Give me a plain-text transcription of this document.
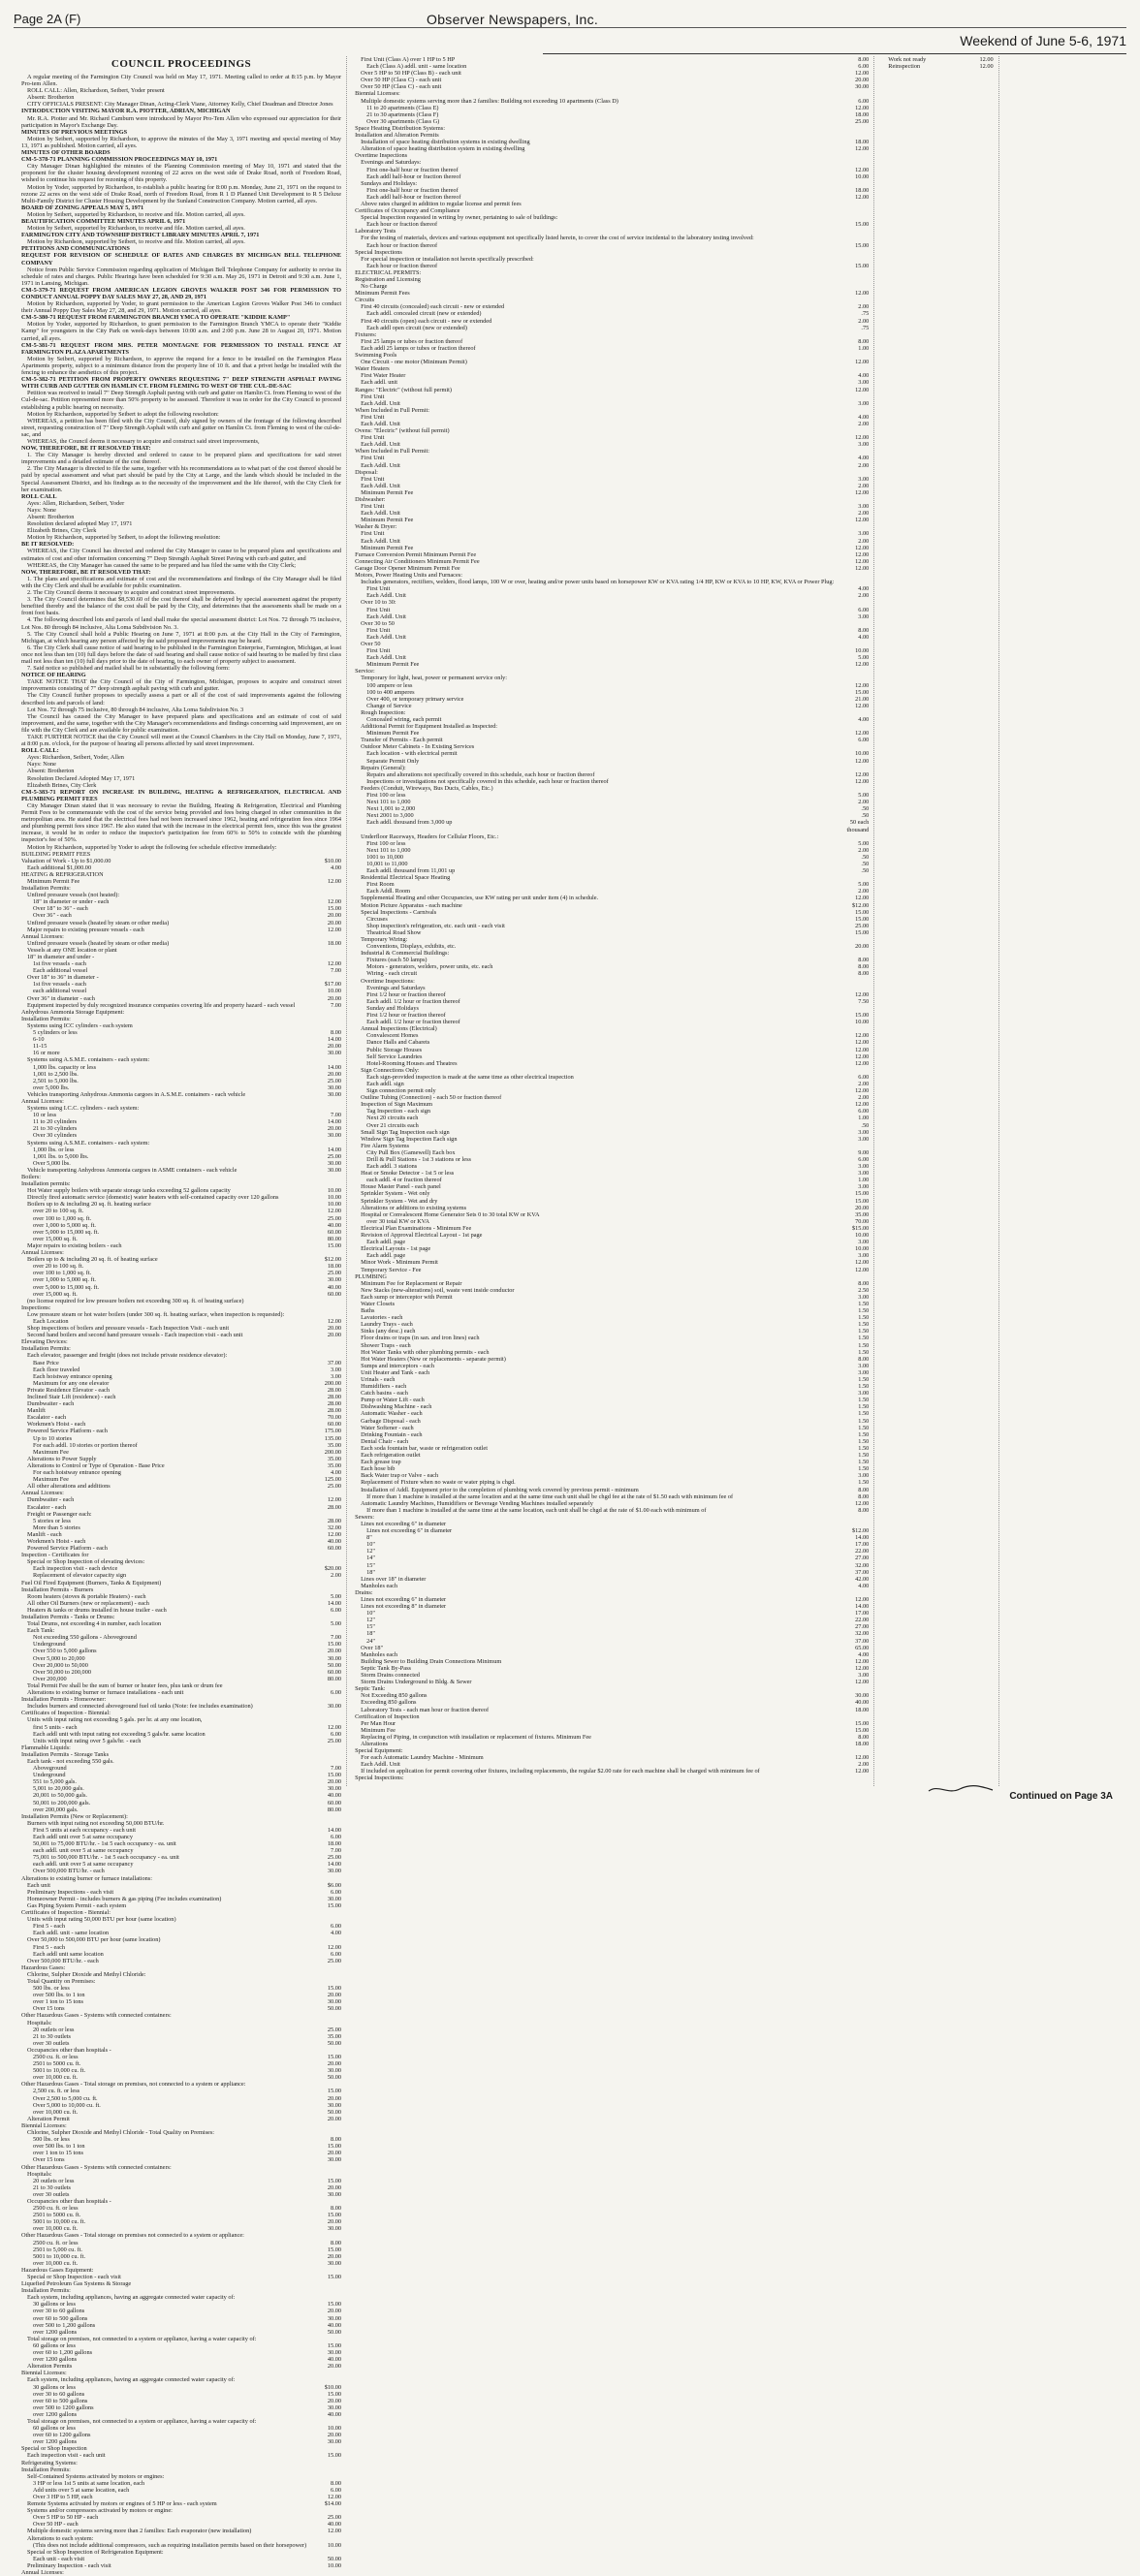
Page 2A (F)	Observer Newspapers, Inc.
Weekend of June 5-6, 1971
COUNCIL PROCEEDINGS

A regular meeting of the Farmington City Council was held on May 17, 1971. Meeting called to order at 8:15 p.m. by Mayor Pro-tem Allen.

ROLL CALL: Allen, Richardson, Seibert, Yoder present

Absent: Brotherton

CITY OFFICIALS PRESENT: City Manager Dinan, Acting-Clerk Viane, Attorney Kelly, Chief Deadman and Director Jones

INTRODUCTION VISITING MAYOR R.A. PIOTTER, ADRIAN, MICHIGAN

Mr. R.A. Piotter and Mr. Richard Camburn were introduced by Mayor Pro-Tem Allen who expressed our appreciation for their participation in Mayor's Exchange Day.

MINUTES OF PREVIOUS MEETINGS

Motion by Seibert, supported by Richardson, to approve the minutes of the May 3, 1971 meeting and special meeting of May 13, 1971 as published. Motion carried, all ayes.

MINUTES OF OTHER BOARDS

CM-5-378-71 PLANNING COMMISSION PROCEEDINGS MAY 10, 1971

City Manager Dinan highlighted the minutes of the Planning Commission meeting of May 10, 1971 and stated that the proponent for the cluster housing development rezoning of 22 acres on the west side of Drake Road, north of Freedom Road, wished to continue his request for rezoning of this property.

Motion by Yoder, supported by Richardson, to establish a public hearing for 8:00 p.m. Monday, June 21, 1971 on the request to rezone 22 acres on the west side of Drake Road, north of Freedom Road, from R 1 D Planned Unit Development to R 5 Deluxe Multi-Family District for Cluster Housing Development by the Sunland Construction Company. Motion carried, all ayes.

BOARD OF ZONING APPEALS MAY 5, 1971

Motion by Seibert, supported by Richardson, to receive and file. Motion carried, all ayes.

BEAUTIFICATION COMMITTEE MINUTES APRIL 6, 1971

Motion by Seibert, supported by Richardson, to receive and file. Motion carried, all ayes.

FARMINGTON CITY AND TOWNSHIP DISTRICT LIBRARY MINUTES APRIL 7, 1971

Motion by Richardson, supported by Seibert, to receive and file. Motion carried, all ayes.

PETITIONS AND COMMUNICATIONS

REQUEST FOR REVISION OF SCHEDULE OF RATES AND CHARGES BY MICHIGAN BELL TELEPHONE COMPANY

Notice from Public Service Commission regarding application of Michigan Bell Telephone Company for authority to revise its schedule of rates and charges. Public Hearings have been scheduled for 9:30 a.m. May 26, 1971 in Detroit and 9:30 a.m. June 1, 1971 in Lansing, Michigan.

CM-5-379-71 REQUEST FROM AMERICAN LEGION GROVES WALKER POST 346 FOR PERMISSION TO CONDUCT ANNUAL POPPY DAY SALES MAY 27, 28, AND 29, 1971

Motion by Richardson, supported by Yoder, to grant permission to the American Legion Groves Walker Post 346 to conduct their Annual Poppy Day Sales May 27, 28, and 29, 1971. Motion carried, all ayes.

CM-5-380-71 REQUEST FROM FARMINGTON BRANCH YMCA TO OPERATE "KIDDIE KAMP"

Motion by Yoder, supported by Richardson, to grant permission to the Farmington Branch YMCA to operate their "Kiddie Kamp" for youngsters in the City Park on week-days between 10:00 a.m. and 2:00 p.m. June 28 to August 20, 1971. Motion carried, all ayes.

CM-5-381-71 REQUEST FROM MRS. PETER MONTAGNE FOR PERMISSION TO INSTALL FENCE AT FARMINGTON PLAZA APARTMENTS

Motion by Seibert, supported by Richardson, to approve the request for a fence to be installed on the Farmington Plaza Apartments property, subject to a minimum distance from the property line of 10 ft. and that a privet hedge be installed with the fencing to enhance the aesthetics of this project.

CM-5-382-71 PETITION FROM PROPERTY OWNERS REQUESTING 7" DEEP STRENGTH ASPHALT PAVING WITH CURB AND GUTTER ON HAMLIN CT. FROM FLEMING TO WEST OF THE CUL-DE-SAC

Petition was received to install 7" Deep Strength Asphalt paving with curb and gutter on Hamlin Ct. from Fleming to west of the Cul-de-sac. Petition represented more than 50% property to be assessed. Therefore it was in order for the City Council to proceed establishing a public hearing on necessity.

Motion by Richardson, supported by Seibert to adopt the following resolution:

WHEREAS, a petition has been filed with the City Council, duly signed by owners of the frontage of the following described street, requesting construction of 7" Deep Strength Asphalt with curb and gutter on Hamlin Ct. from Fleming to west of the cul-de-sac, and

WHEREAS, the Council deems it necessary to acquire and construct said street improvements,

NOW, THEREFORE, BE IT RESOLVED THAT:

1. The City Manager is hereby directed and ordered to cause to be prepared plans and specifications for said street improvements and a detailed estimate of the cost thereof.

2. The City Manager is directed to file the same, together with his recommendations as to what part of the cost thereof should be paid by special assessment and what part should be paid by the City at Large, and the lands which should be included in the Special Assessment District, and his findings as to the necessity of the improvement and the life thereof, with the City Clerk for her examination.

ROLL CALL

Ayes: Allen, Richardson, Seibert, Yoder

Nays: None

Absent: Brotherton

Resolution declared adopted May 17, 1971

Elizabeth Brines, City Clerk

Motion by Richardson, supported by Seibert, to adopt the following resolution:

BE IT RESOLVED:

WHEREAS, the City Council has directed and ordered the City Manager to cause to be prepared plans and specifications and estimates of cost and other information concerning 7" Deep Strength Asphalt Street Paving with curb and gutter, and

WHEREAS, the City Manager has caused the same to be prepared and has filed the same with the City Clerk;

NOW, THEREFORE, BE IT RESOLVED THAT:

1. The plans and specifications and estimate of cost and the recommendations and findings of the City Manager shall be filed with the City Clerk and shall be available for public examination.

2. The City Council deems it necessary to acquire and construct street improvements.

3. The City Council determines that $8,530.60 of the cost thereof shall be defrayed by special assessment against the property benefited thereby and the balance of the cost shall be paid by the City, and determines that the assessments shall be made on a front foot basis.

4. The following described lots and parcels of land shall make the special assessment district: Lot Nos. 72 through 75 inclusive, Lot Nos. 80 through 84 inclusive, Alta Loma Subdivision No. 3.

5. The City Council shall hold a Public Hearing on June 7, 1971 at 8:00 p.m. at the City Hall in the City of Farmington, Michigan, at which hearing any person affected by the said proposed improvements may be heard.

6. The City Clerk shall cause notice of said hearing to be published in the Farmington Enterprise, Farmington, Michigan, at least once not less than ten (10) full days before the date of said hearing and shall cause notice of said hearing to be mailed by first class mail not less than ten (10) full days prior to the date of hearing, to each owner of property subject to assessment.

7. Said notice so published and mailed shall be in substantially the following form:

NOTICE OF HEARING

TAKE NOTICE THAT the City Council of the City of Farmington, Michigan, proposes to acquire and construct street improvements consisting of 7" deep strength asphalt paving with curb and gutter.

The City Council further proposes to specially assess a part or all of the cost of said improvements against the following described lots and parcels of land:

Lot Nos. 72 through 75 inclusive, 80 through 84 inclusive, Alta Loma Subdivision No. 3

The Council has caused the City Manager to have prepared plans and specifications and an estimate of cost of said improvement, and the same, together with the City Manager's recommendations and findings concerning said improvement, are on file with the City Clerk and are available for public examination.

TAKE FURTHER NOTICE that the City Council will meet at the Council Chambers in the City Hall on Monday, June 7, 1971, at 8:00 p.m. o'clock, for the purpose of hearing all persons affected by said street improvement.

ROLL CALL:

Ayes: Richardson, Seibert, Yoder, Allen

Nays: None

Absent: Brotherton

Resolution Declared Adopted May 17, 1971

Elizabeth Brines, City Clerk

CM-5-383-71 REPORT ON INCREASE IN BUILDING, HEATING & REFRIGERATION, ELECTRICAL AND PLUMBING PERMIT FEES

City Manager Dinan stated that it was necessary to revise the Building, Heating & Refrigeration, Electrical and Plumbing Permit Fees to be commensurate with the cost of the service being provided and fees being charged in other communities in the metropolitan area. He stated that the electrical fees had not been increased since 1962, heating and refrigeration fees since 1964 and plumbing permit fees since 1967. He also stated that with the increase in the electrical permit fees, since this was the greatest increase, it would be in order to reduce the inspector's participation fee from 60% to 50% to coincide with the plumbing inspector's fee of 50%.

Motion by Richardson, supported by Yoder to adopt the following fee schedule effective immediately:

BUILDING PERMIT FEES
Valuation of Work - Up to $1,000.00	$10.00
Each additional $1,000.00	4.00
HEATING & REFRIGERATION
Minimum Permit Fee	12.00
Installation Permits:
Unfired pressure vessels (not heated):
18" in diameter or under - each	12.00
Over 18" to 36" - each	15.00
Over 36" - each	20.00
Unfired pressure vessels (heated by steam or other media)	20.00
Major repairs to existing pressure vessels - each	12.00
Annual Licenses:
Unfired pressure vessels (heated by steam or other media)	18.00
Vessels at any ONE location or plant
18" in diameter and under -
1st five vessels - each	12.00
Each additional vessel	7.00
Over 18" to 36" in diameter -
1st five vessels - each	$17.00
each additional vessel	10.00
Over 36" in diameter - each	20.00
Equipment inspected by duly recognized insurance companies covering life and property hazard - each vessel	7.00
Anhydrous Ammonia Storage Equipment:
Installation Permits:
Systems using ICC cylinders - each system
5 cylinders or less	8.00
6-10	14.00
11-15	20.00
16 or more	30.00
Systems using A.S.M.E. containers - each system:
1,000 lbs. capacity or less	14.00
1,001 to 2,500 lbs.	20.00
2,501 to 5,000 lbs.	25.00
over 5,000 lbs.	30.00
Vehicles transporting Anhydrous Ammonia cargoes in A.S.M.E. containers - each vehicle	30.00
Annual Licenses:
Systems using I.C.C. cylinders - each system:
10 or less	7.00
11 to 20 cylinders	14.00
21 to 30 cylinders	20.00
Over 30 cylinders	30.00
Systems using A.S.M.E. containers - each system:
1,000 lbs. or less	14.00
1,001 lbs. to 5,000 lbs.	25.00
Over 5,000 lbs.	30.00
Vehicle transporting Anhydrous Ammonia cargoes in ASME containers - each vehicle	30.00
Boilers:
Installation permits:
Hot Water supply boilers with separate storage tanks exceeding 52 gallons capacity	10.00
Directly fired automatic service (domestic) water heaters with self-contained capacity over 120 gallons	10.00
Boilers up to & including 20 sq. ft. heating surface	10.00
over 20 to 100 sq. ft.	12.00
over 100 to 1,000 sq. ft.	25.00
over 1,000 to 5,000 sq. ft.	40.00
over 5,000 to 15,000 sq. ft.	60.00
over 15,000 sq. ft.	80.00
Major repairs to existing boilers - each	15.00
Annual Licenses:
Boilers up to & including 20 sq. ft. of heating surface	$12.00
over 20 to 100 sq. ft.	18.00
over 100 to 1,000 sq. ft.	25.00
over 1,000 to 5,000 sq. ft.	30.00
over 5,000 to 15,000 sq. ft.	40.00
over 15,000 sq. ft.	60.00
(no license required for low pressure boilers not exceeding 300 sq. ft. of heating surface)
Inspections:
Low pressure steam or hot water boilers (under 300 sq. ft. heating surface, when inspection is requested):
Each Location	12.00
Shop inspections of boilers and pressure vessels - Each Inspection Visit - each unit	20.00
Second hand boilers and second hand pressure vessels - Each inspection visit - each unit	20.00
Elevating Devices:
Installation Permits:
Each elevator, passenger and freight (does not include private residence elevator):
Base Price	37.00
Each floor traveled	3.00
Each hoistway entrance opening	3.00
Maximum for any one elevator	200.00
Private Residence Elevator - each	28.00
Inclined Stair Lift (residence) - each	28.00
Dumbwaiter - each	28.00
Manlift	28.00
Escalator - each	70.00
Workmen's Hoist - each	60.00
Powered Service Platform - each	175.00
Up to 10 stories	135.00
For each addl. 10 stories or portion thereof	35.00
Maximum Fee	200.00
Alterations to Power Supply	35.00
Alterations to Control or Type of Operation - Base Price	35.00
For each hoistway entrance opening	4.00
Maximum Fee	125.00
All other alterations and additions	25.00
Annual Licenses:
Dumbwaiter - each	12.00
Escalator - each	28.00
Freight or Passenger each:
5 stories or less	28.00
More than 5 stories	32.00
Manlift - each	12.00
Workmen's Hoist - each	40.00
Powered Service Platform - each	60.00
Inspection - Certificates for
Special or Shop Inspection of elevating devices:
Each inspection visit - each device	$20.00
Replacement of elevator capacity sign	2.00
Fuel Oil Fired Equipment (Burners, Tanks & Equipment)
Installation Permits - Burners
Room heaters (stoves & portable Heaters) - each	5.00
All other Oil Burners (new or replacement) - each	14.00
Heaters & tanks or drums installed in house trailer - each	6.00
Installation Permits - Tanks or Drums:
Total Drums, not exceeding 4 in number, each location	5.00
Each Tank:
Not exceeding 550 gallons - Aboveground	7.00
Underground	15.00
Over 550 to 5,000 gallons	20.00
Over 5,000 to 20,000	30.00
Over 20,000 to 50,000	50.00
Over 50,000 to 200,000	60.00
Over 200,000	80.00
Total Permit Fee shall be the sum of burner or heater fees, plus tank or drum fee
Alterations to existing burner or furnace installations - each unit	6.00
Installation Permits - Homeowner:
Includes burners and connected aboveground fuel oil tanks (Note: fee includes examination)	30.00
Certificates of Inspection - Biennial:
Units with input rating not exceeding 5 gals. per hr. at any one location,
first 5 units - each	12.00
Each addl unit with input rating not exceeding 5 gals/hr. same location	6.00
Units with input rating over 5 gals/hr. - each	25.00
Flammable Liquids:
Installation Permits - Storage Tanks
Each tank - not exceeding 550 gals.
Aboveground	7.00
Underground	15.00
551 to 5,000 gals.	20.00
5,001 to 20,000 gals.	30.00
20,001 to 50,000 gals.	40.00
50,001 to 200,000 gals.	60.00
over 200,000 gals.	80.00
Installation Permits (New or Replacement):
Burners with input rating not exceeding 50,000 BTU/hr.
First 5 units at each occupancy - each unit	14.00
Each addl unit over 5 at same occupancy	6.00
50,001 to 75,000 BTU/hr. - 1st 5 each occupancy - ea. unit	18.00
each addl. unit over 5 at same occupancy	7.00
75,001 to 500,000 BTU/hr. - 1st 5 each occupancy - ea. unit	25.00
each addl. unit over 5 at same occupancy	14.00
Over 500,000 BTU/hr. - each	30.00
Alterations to existing burner or furnace installations:
Each unit	$6.00
Preliminary Inspections - each visit	6.00
Homeowner Permit - includes burners & gas piping (Fee includes examination)	30.00
Gas Piping System Permit - each system	15.00
Certificates of Inspection - Biennial:
Units with input rating 50,000 BTU per hour (same location)
First 5 - each	6.00
Each addl. unit - same location	4.00
Over 50,000 to 500,000 BTU per hour (same location)
First 5 - each	12.00
Each addl unit same location	6.00
Over 500,000 BTU/hr. - each	25.00
Hazardous Gases:
Chlorine, Sulpher Dioxide and Methyl Chloride:
Total Quantity on Premises:
500 lbs. or less	15.00
over 500 lbs. to 1 ton	20.00
over 1 ton to 15 tons	30.00
Over 15 tons	50.00
Other Hazardous Gases - Systems with connected containers:
Hospitals:
20 outlets or less	25.00
21 to 30 outlets	35.00
over 30 outlets	50.00
Occupancies other than hospitals -
2500 cu. ft. or less	15.00
2501 to 5000 cu. ft.	20.00
5001 to 10,000 cu. ft.	30.00
over 10,000 cu. ft.	50.00
Other Hazardous Gases - Total storage on premises, not connected to a system or appliance:
2,500 cu. ft. or less	15.00
Over 2,500 to 5,000 cu. ft.	20.00
Over 5,000 to 10,000 cu. ft.	30.00
over 10,000 cu. ft.	50.00
Alteration Permit	20.00
Biennial Licenses:
Chlorine, Sulpher Dioxide and Methyl Chloride - Total Quality on Premises:
500 lbs. or less	8.00
over 500 lbs. to 1 ton	15.00
over 1 ton to 15 tons	20.00
Over 15 tons	30.00
Other Hazardous Gases - Systems with connected containers:
Hospitals:
20 outlets or less	15.00
21 to 30 outlets	20.00
over 30 outlets	30.00
Occupancies other than hospitals -
2500 cu. ft. or less	8.00
2501 to 5000 cu. ft.	15.00
5001 to 10,000 cu. ft.	20.00
over 10,000 cu. ft.	30.00
Other Hazardous Gases - Total storage on premises not connected to a system or appliance:
2500 cu. ft. or less	8.00
2501 to 5,000 cu. ft.	15.00
5001 to 10,000 cu. ft.	20.00
over 10,000 cu. ft.	30.00
Hazardous Gases Equipment:
Special or Shop Inspection - each visit	15.00
Liquefied Petroleum Gas Systems & Storage
Installation Permits:
Each system, including appliances, having an aggregate connected water capacity of:
30 gallons or less	15.00
over 30 to 60 gallons	20.00
over 60 to 500 gallons	30.00
over 500 to 1,200 gallons	40.00
over 1200 gallons	50.00
Total storage on premises, not connected to a system or appliance, having a water capacity of:
60 gallons or less	15.00
over 60 to 1,200 gallons	30.00
over 1200 gallons	40.00
Alteration Permits	20.00
Biennial Licenses:
Each system, including appliances, having an aggregate connected water capacity of:
30 gallons or less	$10.00
over 30 to 60 gallons	15.00
over 60 to 500 gallons	20.00
over 500 to 1200 gallons	30.00
over 1200 gallons	40.00
Total storage on premises, not connected to a system or appliance, having a water capacity of:
60 gallons or less	10.00
over 60 to 1200 gallons	20.00
over 1200 gallons	30.00
Special or Shop Inspection
Each inspection visit - each unit	15.00
Refrigerating Systems:
Installation Permits:
Self-Contained Systems activated by motors or engines:
3 HP or less 1st 5 units at same location, each	8.00
Add units over 5 at same location, each	6.00
Over 3 HP to 5 HP, each	12.00
Remote Systems activated by motors or engines of 5 HP or less - each system	$14.00
Systems and/or compressors activated by motors or engine:
Over 5 HP to 50 HP - each	25.00
Over 50 HP - each	40.00
Multiple domestic systems serving more than 2 families: Each evaporator (new installation)	12.00
Alterations to each system:
(This does not include additional compressors, such as requiring installation permits based on their horsepower)	10.00
Special or Shop Inspection of Refrigeration Equipment:
Each unit - each visit	50.00
Preliminary Inspection - each visit	10.00
Annual Licenses:
First Unit (Class A) over 1 HP to 5 HP	8.00
Each (Class A) addl. unit - same location	6.00
Over 5 HP to 50 HP (Class B) - each unit	12.00
Over 50 HP (Class C) - each unit	20.00
Over 50 HP (Class C) - each unit	30.00
Biennial Licenses:
Multiple domestic systems serving more than 2 families: Building not exceeding 10 apartments (Class D)	6.00
11 to 20 apartments (Class E)	12.00
21 to 30 apartments (Class F)	18.00
Over 30 apartments (Class G)	25.00
Space Heating Distribution Systems:
Installation and Alteration Permits
Installation of space heating distribution systems in existing dwelling	18.00
Alteration of space heating distribution system in existing dwelling	12.00
Overtime Inspections
Evenings and Saturdays:
First one-half hour or fraction thereof	12.00
Each addl half-hour or fraction thereof	10.00
Sundays and Holidays:
First one-half hour or fraction thereof	18.00
Each addl half-hour or fraction thereof	12.00
Above rates charged in addition to regular license and permit fees
Certificates of Occupancy and Compliance
Special Inspection requested in writing by owner, pertaining to sale of buildings:
Each hour or fraction thereof	15.00
Laboratory Tests
For the testing of materials, devices and various equipment not specifically listed herein, to cover the cost of service incidental to the laboratory testing involved:
Each hour or fraction thereof	15.00
Special Inspections
For special inspection or installation not herein specifically prescribed:
Each hour or fraction thereof	15.00
ELECTRICAL PERMITS:
Registration and Licensing
No Charge
Minimum Permit Fees	12.00
Circuits
First 40 circuits (concealed) each circuit - new or extended	2.00
Each addl. concealed circuit (new or extended)	.75
First 40 circuits (open) each circuit - new or extended	2.00
Each addl open circuit (new or extended)	.75
Fixtures:
First 25 lamps or tubes or fraction thereof	8.00
Each addl 25 lamps or tubes or fraction thereof	1.00
Swimming Pools
One Circuit - one motor (Minimum Permit)	12.00
Water Heaters
First Water Heater	4.00
Each addl. unit	3.00
Ranges: "Electric" (without full permit)	12.00
First Unit
Each Addl. Unit	3.00
When Included in Full Permit:
First Unit	4.00
Each Addl. Unit	2.00
Ovens: "Electric" (without full permit)
First Unit	12.00
Each Addl. Unit	3.00
When Included in Full Permit:
First Unit	4.00
Each Addl. Unit	2.00
Disposal:
First Unit	3.00
Each Addl. Unit	2.00
Minimum Permit Fee	12.00
Dishwasher:
First Unit	3.00
Each Addl. Unit	2.00
Minimum Permit Fee	12.00
Washer & Dryer:
First Unit	3.00
Each Addl. Unit	2.00
Minimum Permit Fee	12.00
Furnace Conversion Permit Minimum Permit Fee	12.00
Connecting Air Conditioners Minimum Permit Fee	12.00
Garage Door Opener Minimum Permit Fee	12.00
Motors, Power Heating Units and Furnaces:
Includes generators, rectifiers, welders, flood lamps, 100 W or over, heating and/or power units based on horsepower KW or KVA rating 1/4 HP, KW or KVA to 10 HP, KW, KVA or Power Plug:
First Unit	4.00
Each Addl. Unit	2.00
Over 10 to 30:
First Unit	6.00
Each Addl. Unit	3.00
Over 30 to 50
First Unit	8.00
Each Addl. Unit	4.00
Over 50
First Unit	10.00
Each Addl. Unit	5.00
Minimum Permit Fee	12.00
Service:
Temporary for light, heat, power or permanent service only:
100 ampere or less	12.00
100 to 400 amperes	15.00
Over 400, or temporary primary service	21.00
Change of Service	12.00
Rough Inspection:
Concealed wiring, each permit	4.00
Additional Permit for Equipment Installed as Inspected:
Minimum Permit Fee	12.00
Transfer of Permits - Each permit	6.00
Outdoor Meter Cabinets - In Existing Services
Each location - with electrical permit	10.00
Separate Permit Only	12.00
Repairs (General):
Repairs and alterations not specifically covered in this schedule, each hour or fraction thereof	12.00
Inspections or investigations not specifically covered in this schedule, each hour or fraction thereof	12.00
Feeders (Conduit, Wireways, Bus Ducts, Cables, Etc.)
First 100 or less	5.00
Next 101 to 1,000	2.00
Next 1,001 to 2,000	.50
Next 2001 to 3,000	.50
Each addl. thousand from 3,000 up	50 each thousand
Underfloor Raceways, Headers for Cellular Floors, Etc.:
First 100 or less	5.00
Next 101 to 1,000	2.00
1001 to 10,000	.50
10,001 to 11,000	.50
Each addl. thousand from 11,001 up	.50
Residential Electrical Space Heating
First Room	5.00
Each Addl. Room	2.00
Supplemental Heating and other Occupancies, use KW rating per unit under item (4) in schedule.	12.00
Motion Picture Apparatus - each machine	$12.00
Special Inspections - Carnivals	15.00
Circuses	15.00
Shop inspection's refrigeration, etc. each unit - each visit	25.00
Theatrical Road Show	15.00
Temporary Wiring:
Conventions, Displays, exhibits, etc.	20.00
Industrial & Commercial Buildings:
Fixtures (each 50 lamps)	8.00
Motors - generators, welders, power units, etc. each	8.00
Wiring - each circuit	8.00
Overtime Inspections:
Evenings and Saturdays
First 1/2 hour or fraction thereof	12.00
Each addl. 1/2 hour or fraction thereof	7.50
Sunday and Holidays
First 1/2 hour or fraction thereof	15.00
Each addl. 1/2 hour or fraction thereof	10.00
Annual Inspections (Electrical)
Convalescent Homes	12.00
Dance Halls and Cabarets	12.00
Public Storage Houses	12.00
Self Service Laundries	12.00
Hotel-Rooming Houses and Theatres	12.00
Sign Connections Only:
Each sign-provided inspection is made at the same time as other electrical inspection	6.00
Each addl. sign	2.00
Sign connection permit only	12.00
Outline Tubing (Connection) - each 50 or fraction thereof	2.00
Inspection of Sign Maximum	12.00
Tag Inspection - each sign	6.00
Next 20 circuits each	1.00
Over 21 circuits each	.50
Small Sign Tag Inspection each sign	3.00
Window Sign Tag Inspection Each sign	3.00
Fire Alarm Systems
City Pull Box (Gamewell) Each box	9.00
Drill & Pull Stations - 1st 3 stations or less	6.00
Each addl. 3 stations	3.00
Heat or Smoke Detector - 1st 5 or less	3.00
each addl. 4 or fraction thereof	1.00
House Master Panel - each panel	3.00
Sprinkler System - Wet only	15.00
Sprinkler System - Wet and dry	15.00
Alterations or additions to existing systems	20.00
Hospital or Convalescent Home Generator Sets 0 to 30 total KW or KVA	35.00
over 30 total KW or KVA	70.00
Electrical Plan Examinations - Minimum Fee	$15.00
Revision of Approval Electrical Layout - 1st page	10.00
Each addl. page	3.00
Electrical Layouts - 1st page	10.00
Each addl. page	3.00
Minor Work - Minimum Permit	12.00
Temporary Service - Fee	12.00
PLUMBING
Minimum Fee for Replacement or Repair	8.00
New Stacks (new-alterations) soil, waste vent inside conductor	2.50
Each sump or interceptor with Permit	3.00
Water Closets	1.50
Baths	1.50
Lavatories - each	1.50
Laundry Trays - each	1.50
Sinks (any desc.) each	1.50
Floor drains or traps (in san. and iron lines) each	1.50
Shower Traps - each	1.50
Hot Water Tanks with other plumbing permits - each	1.50
Hot Water Heaters (New or replacements - separate permit)	8.00
Sumps and interceptors - each	3.00
Unit Heater and Tank - each	3.00
Urinals - each	1.50
Humidifiers - each	1.50
Catch basins - each	3.00
Pump or Water Lift - each	1.50
Dishwashing Machine - each	1.50
Automatic Washer - each	1.50
Garbage Disposal - each	1.50
Water Softener - each	1.50
Drinking Fountain - each	1.50
Dental Chair - each	1.50
Each soda fountain bar, waste or refrigeration outlet	1.50
Each refrigeration outlet	1.50
Each grease trap	1.50
Each hose bib	1.50
Back Water trap or Valve - each	3.00
Replacement of Fixture when no waste or water piping is chgd.	1.50
Installation of Addl. Equipment prior to the completion of plumbing work covered by previous permit - minimum	8.00
If more than 1 machine is installed at the same location and at the same time each unit shall be chgd fee at the rate of $1.50 each with minimum fee of	8.00
Automatic Laundry Machines, Humidifiers or Beverage Vending Machines installed separately	12.00
If more than 1 machine is installed at the same time at the same location, each unit shall be chgd at the rate of $1.00 each with minimum of	8.00
Sewers:
Lines not exceeding 6" in diameter
Lines not exceeding 6" in diameter	$12.00
8"	14.00
10"	17.00
12"	22.00
14"	27.00
15"	32.00
18"	37.00
Lines over 18" in diameter	42.00
Manholes each	4.00
Drains:
Lines not exceeding 6" in diameter	12.00
Lines not exceeding 8" in diameter	14.00
10"	17.00
12"	22.00
15"	27.00
18"	32.00
24"	37.00
Over 18"	65.00
Manholes each	4.00
Building Sewer to Building Drain Connections Minimum	12.00
Septic Tank By-Pass	12.00
Storm Drains connected	3.00
Storm Drains Underground to Bldg. & Sewer	12.00
Septic Tank:
Not Exceeding 850 gallons	30.00
Exceeding 850 gallons	40.00
Laboratory Tests - each man hour or fraction thereof	18.00
Certification of Inspection
Per Man Hour	15.00
Minimum Fee	15.00
Replacing of Piping, in conjunction with installation or replacement of fixtures. Minimum Fee	8.00
Alterations	18.00
Special Equipment:
For each Automatic Laundry Machine - Minimum	12.00
Each Addl. Unit	2.00
If included on application for permit covering other fixtures, including replacements, the regular $2.00 rate for each machine shall be charged with minimum fee of	12.00
Special Inspections:
Work not ready	12.00
Reinspection	12.00
Continued on Page 3A
